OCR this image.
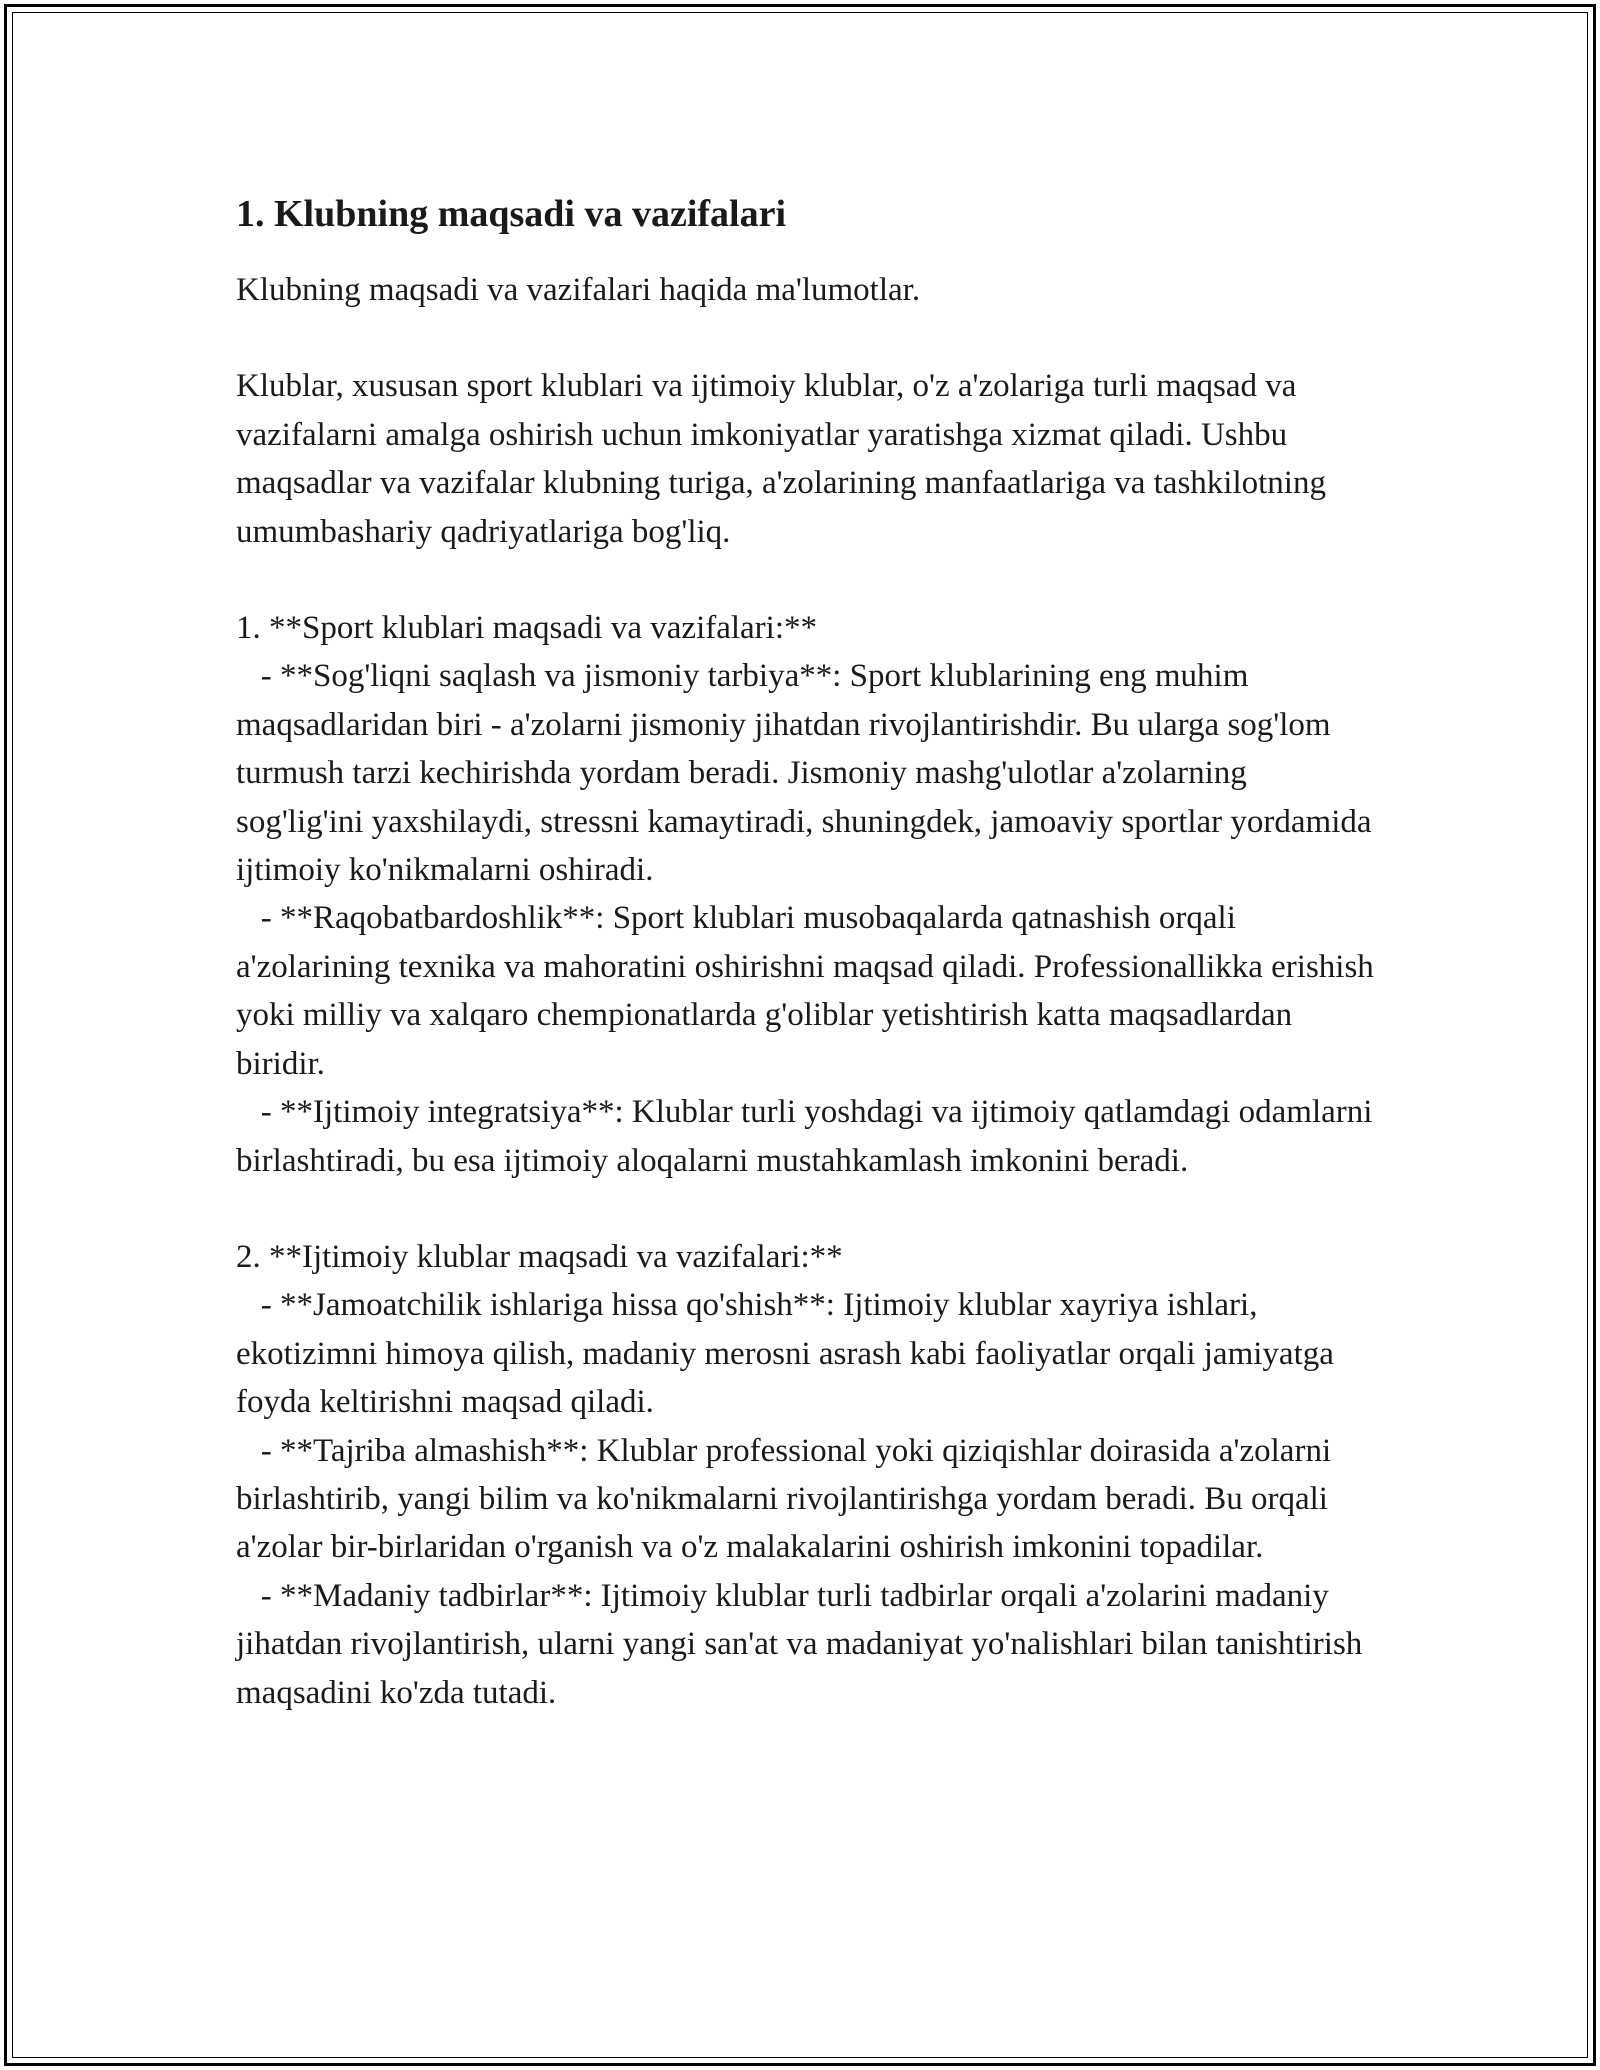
1. Klubning maqsadi va vazifalari

Klubning maqsadi va vazifalari haqida ma'lumotlar.

Klublar, xususan sport klublari va ijtimoiy klublar, o'z a'zolariga turli maqsad va vazifalarni amalga oshirish uchun imkoniyatlar yaratishga xizmat qiladi. Ushbu maqsadlar va vazifalar klubning turiga, a'zolarining manfaatlariga va tashkilotning umumbashariy qadriyatlariga bog'liq.

1. **Sport klublari maqsadi va vazifalari:**
- **Sog'liqni saqlash va jismoniy tarbiya**: Sport klublarining eng muhim maqsadlaridan biri - a'zolarni jismoniy jihatdan rivojlantirishdir. Bu ularga sog'lom turmush tarzi kechirishda yordam beradi. Jismoniy mashg'ulotlar a'zolarning sog'lig'ini yaxshilaydi, stressni kamaytiradi, shuningdek, jamoaviy sportlar yordamida ijtimoiy ko'nikmalarni oshiradi.
- **Raqobatbardoshlik**: Sport klublari musobaqalarda qatnashish orqali a'zolarining texnika va mahoratini oshirishni maqsad qiladi. Professionallikka erishish yoki milliy va xalqaro chempionatlarda g'oliblar yetishtirish katta maqsadlardan biridir.
- **Ijtimoiy integratsiya**: Klublar turli yoshdagi va ijtimoiy qatlamdagi odamlarni birlashtiradi, bu esa ijtimoiy aloqalarni mustahkamlash imkonini beradi.
2. **Ijtimoiy klublar maqsadi va vazifalari:**
- **Jamoatchilik ishlariga hissa qo'shish**: Ijtimoiy klublar xayriya ishlari, ekotizimni himoya qilish, madaniy merosni asrash kabi faoliyatlar orqali jamiyatga foyda keltirishni maqsad qiladi.
- **Tajriba almashish**: Klublar professional yoki qiziqishlar doirasida a'zolarni birlashtirib, yangi bilim va ko'nikmalarni rivojlantirishga yordam beradi. Bu orqali a'zolar bir-birlaridan o'rganish va o'z malakalarini oshirish imkonini topadilar.
- **Madaniy tadbirlar**: Ijtimoiy klublar turli tadbirlar orqali a'zolarini madaniy jihatdan rivojlantirish, ularni yangi san'at va madaniyat yo'nalishlari bilan tanishtirish maqsadini ko'zda tutadi.
